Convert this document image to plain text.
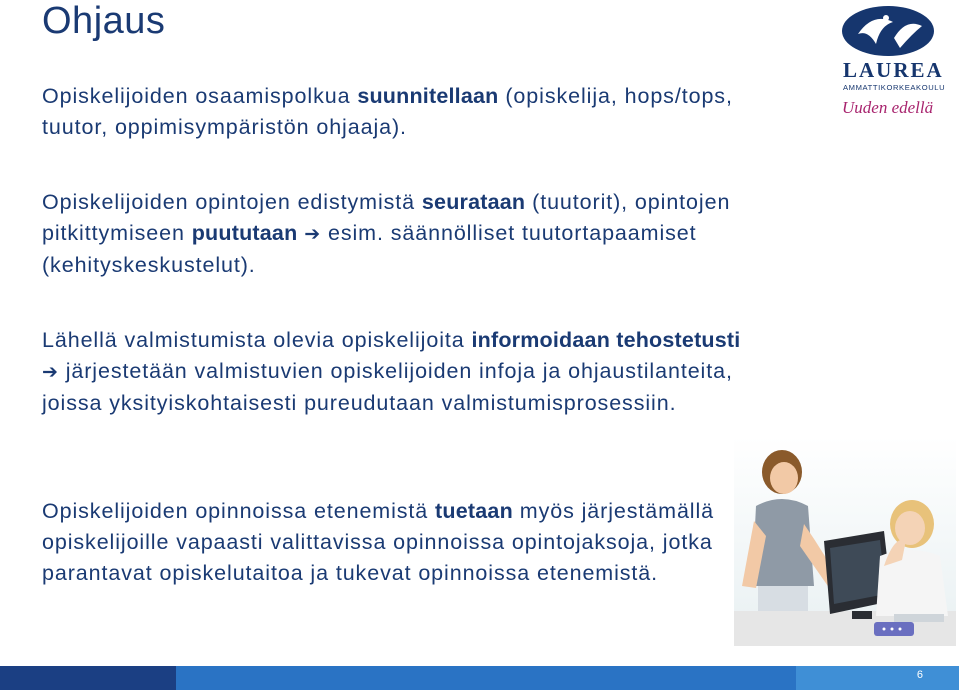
Ohjaus
LAUREA
AMMATTIKORKEAKOULU
Uuden edellä
Opiskelijoiden osaamispolkua suunnitellaan (opiskelija, hops/tops, tuutor, oppimisympäristön ohjaaja).
Opiskelijoiden opintojen edistymistä seurataan (tuutorit), opintojen pitkittymiseen puututaan ➔ esim. säännölliset tuutortapaamiset (kehityskeskustelut).
Lähellä valmistumista olevia opiskelijoita informoidaan tehostetusti ➔ järjestetään valmistuvien opiskelijoiden infoja ja ohjaustilanteita, joissa yksityiskohtaisesti pureudutaan valmistumisprosessiin.
Opiskelijoiden opinnoissa etenemistä tuetaan myös järjestämällä opiskelijoille vapaasti valittavissa opinnoissa opintojaksoja, jotka parantavat opiskelutaitoa ja tukevat opinnoissa etenemistä.
6
